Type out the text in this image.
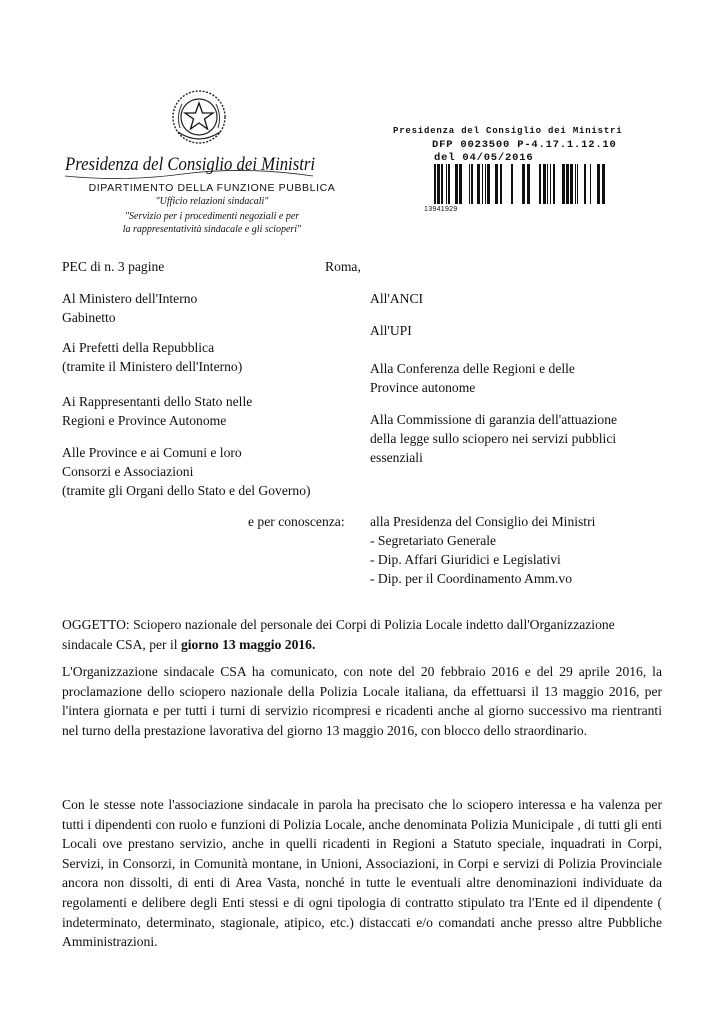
Presidenza del Consiglio dei Ministri
DIPARTIMENTO DELLA FUNZIONE PUBBLICA
"Ufficio relazioni sindacali"
"Servizio per i procedimenti negoziali e per
la rappresentatività sindacale e gli scioperi"
Presidenza del Consiglio dei Ministri
DFP 0023500 P-4.17.1.12.10
del 04/05/2016
13941929
PEC di n. 3 pagine	Roma,
Al Ministero dell'Interno
Gabinetto
Ai Prefetti della Repubblica
(tramite il Ministero dell'Interno)
Ai Rappresentanti dello Stato nelle
Regioni e Province Autonome
Alle Province e ai Comuni e loro
Consorzi e Associazioni
(tramite gli Organi dello Stato e del Governo)
All'ANCI
All'UPI
Alla Conferenza delle Regioni e delle
Province autonome
Alla Commissione di garanzia dell'attuazione
della legge sullo sciopero nei servizi pubblici
essenziali
e per conoscenza: alla Presidenza del Consiglio dei Ministri
- Segretariato Generale
- Dip. Affari Giuridici e Legislativi
- Dip. per il Coordinamento Amm.vo
OGGETTO: Sciopero nazionale del personale dei Corpi di Polizia Locale indetto dall'Organizzazione sindacale CSA, per il giorno 13 maggio 2016.
L'Organizzazione sindacale CSA ha comunicato, con note del 20 febbraio 2016 e del 29 aprile 2016, la proclamazione dello sciopero nazionale della Polizia Locale italiana, da effettuarsi il 13 maggio 2016, per l'intera giornata e per tutti i turni di servizio ricompresi e ricadenti anche al giorno successivo ma rientranti nel turno della prestazione lavorativa del giorno 13 maggio 2016, con blocco dello straordinario.
Con le stesse note l'associazione sindacale in parola ha precisato che lo sciopero interessa e ha valenza per tutti i dipendenti con ruolo e funzioni di Polizia Locale, anche denominata Polizia Municipale , di tutti gli enti Locali ove prestano servizio, anche in quelli ricadenti in Regioni a Statuto speciale, inquadrati in Corpi, Servizi, in Consorzi, in Comunità montane, in Unioni, Associazioni, in Corpi e servizi di Polizia Provinciale ancora non dissolti, di enti di Area Vasta, nonché in tutte le eventuali altre denominazioni individuate da regolamenti e delibere degli Enti stessi e di ogni tipologia di contratto stipulato tra l'Ente ed il dipendente ( indeterminato, determinato, stagionale, atipico, etc.) distaccati e/o comandati anche presso altre Pubbliche Amministrazioni.
